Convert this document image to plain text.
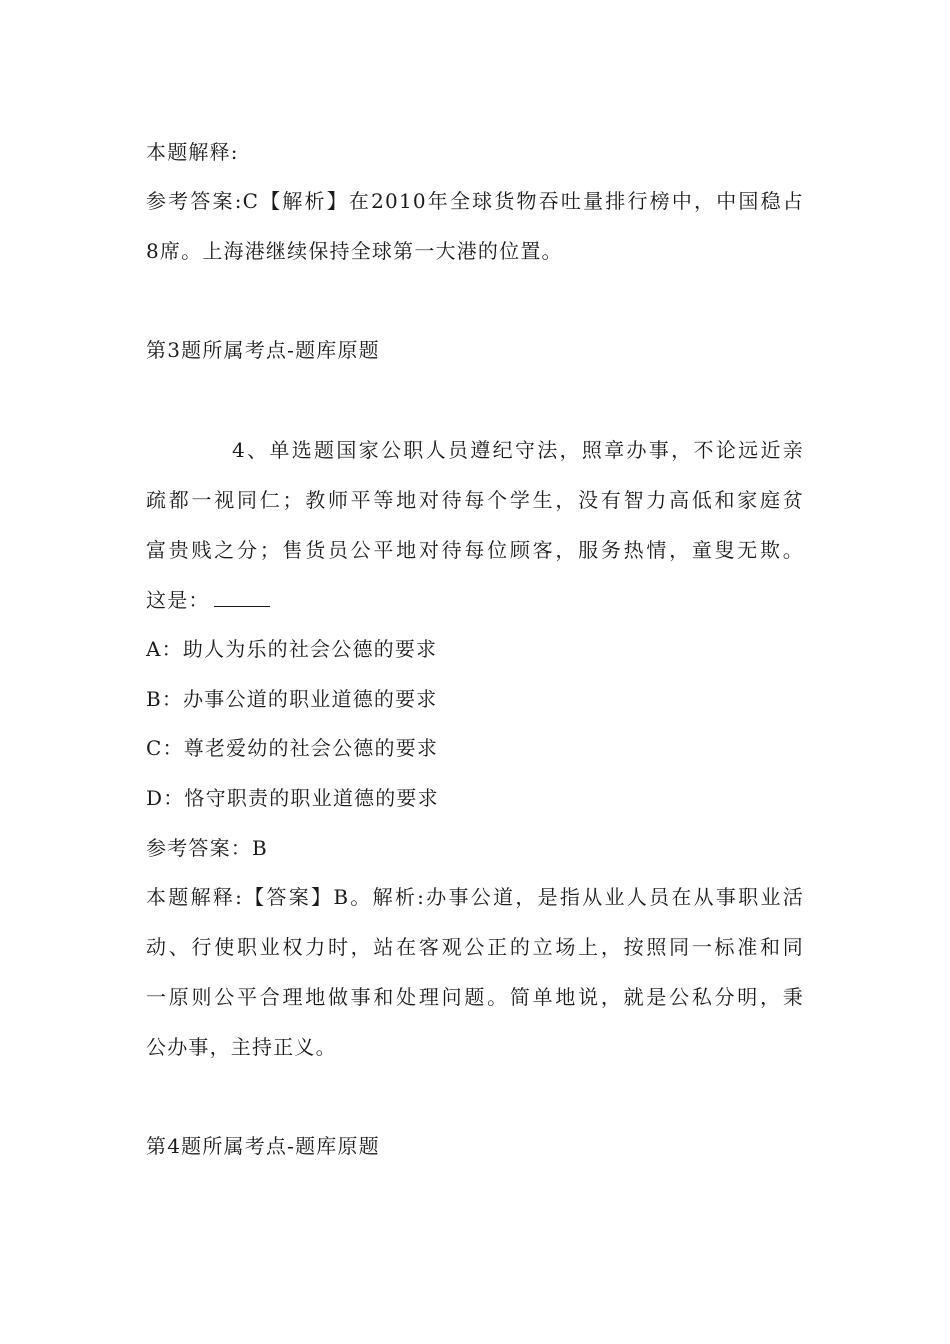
本题解释:
参考答案:C【解析】在2010年全球货物吞吐量排行榜中，中国稳占
8席。上海港继续保持全球第一大港的位置。
第3题所属考点-题库原题
4、单选题国家公职人员遵纪守法，照章办事，不论远近亲
疏都一视同仁；教师平等地对待每个学生，没有智力高低和家庭贫
富贵贱之分；售货员公平地对待每位顾客，服务热情，童叟无欺。
这是：
A：助人为乐的社会公德的要求
B：办事公道的职业道德的要求
C：尊老爱幼的社会公德的要求
D：恪守职责的职业道德的要求
参考答案：B
本题解释:【答案】B。解析:办事公道，是指从业人员在从事职业活
动、行使职业权力时，站在客观公正的立场上，按照同一标准和同
一原则公平合理地做事和处理问题。简单地说，就是公私分明，秉
公办事，主持正义。
第4题所属考点-题库原题
